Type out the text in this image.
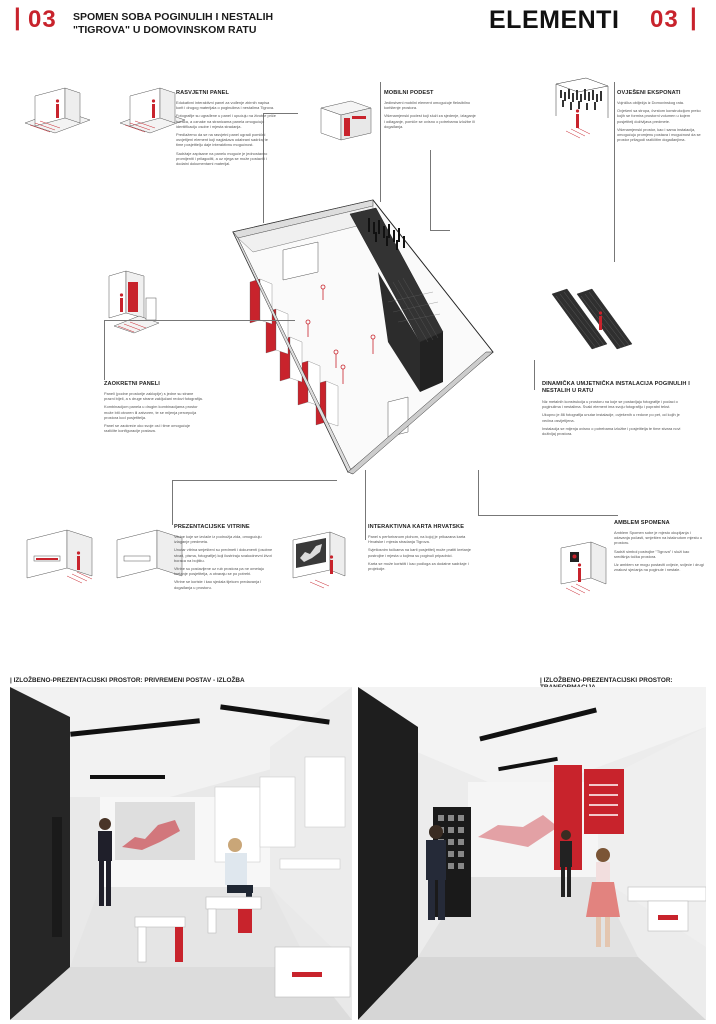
| 03 SPOMEN SOBA POGINULIH I NESTALIH
"TIGROVA" U DOMOVINSKOM RATU	ELEMENTI 03 |
RASVJETNI PANEL

Edukativni interaktivni panel za vođenje zbirnih napisa korit i drugog materijala o poginulima i nestalima Tigrova.

Fotografije su ugrađene u panel i upućuju na životne priče boraca, a oznake na stranicama panela omogućuju identifikaciju osobe i mjesta stradanja.

Predlažemo da se na rasvjetni panel ugradi pomični osvjetljeni element koji naglašava odabrani sadržaj te time posjetitelju daje interaktivnu mogućnost.

Sadržaje zapisane na panelu moguće je jednostavno promijeniti i prilagoditi, a uz njega se može postaviti i dodatni dokumentarni materijal.

MOBILNI PODEST

Jedinstveni mobilni element omogućuje fleksibilno korištenje prostora.

Višenamjenski podest koji služi za sjedenje, izlaganje i odlaganje, pomiče se ovisno o potrebama izložbe ili događanja.

OVJEŠENI EKSPONATI

Vojnička obilježja iz Domovinskog rata.

Ovješeni sa stropa, čvrstom konstrukcijom preko kojih se formira prostorni volumen u kojem posjetitelj doživljava predmete.

Višenamjenski prostor, kao i sama instalacija, omogućuju promjenu postava i mogućnost da se prostor prilagodi različitim događanjima.

ZAOKRETNI PANELI

Paneli (podne prostorije zakloplje) s jedne su strane prazni bijeli, a s druge strane zaključani redovi fotografija.

Kombinacijom panela u drugim kombinacijama prostor može biti otvoren ili zatvoren, te se mijenja percepcija prostora kod posjetitelja.

Panel se zaokreće oko svoje osi i time omogućuje različite konfiguracije postava.

DINAMIČKA UMJETNIČKA INSTALACIJA POGINULIH I NESTALIH U RATU

Niz metalnih konstrukcija u prostoru na koje se postavljaju fotografije i podaci o poginulima i nestalima. Svaki element ima svoju fotografiju i popratni tekst.

Ukupno je 86 fotografija unutar instalacije, ovješenih u redove po pet, od kojih je većina osvijetljena.

Instalacija se mijenja ovisno o potrebama izložbe i posjetitelja te time stvara novi doživljaj prostora.

PREZENTACIJSKE VITRINE

Vitrine koje se izvlače iz podnožja zida, omogućuju izlaganje predmeta.

Unutar vitrina smješteni su predmeti i dokumenti (osobne stvari, pisma, fotografije) koji ilustriraju svakodnevni život boraca na bojištu.

Vitrine su postavljene uz rub prostora pa ne ometaju kretanje posjetitelja, a otvaraju se po potrebi.

Vitrine se koriste i kao sjedala tijekom predavanja i događanja u prostoru.

INTERAKTIVNA KARTA HRVATSKE

Panel s perforiranom plohom, na kojoj je prikazana karta Hrvatske i mjesta stradanja Tigrova.

Svjetlosnim točkama na karti posjetitelj može pratiti kretanje postrojbe i mjesta u kojima su poginuli pripadnici.

Karta se može koristiti i kao podloga za dodatne sadržaje i projekcije.

AMBLEM SPOMENA

Amblem Spomen sobe je mjesto okupljanja i odavanja počasti, smješten na istaknutom mjestu u prostoru.

Sadrži simbol postrojbe "Tigrova" i služi kao središnja točka prostora.

Uz amblem se mogu postaviti cvijeće, svijeće i drugi znakovi sjećanja na poginule i nestale.

| IZLOŽBENO-PREZENTACIJSKI PROSTOR: PRIVREMENI POSTAV - IZLOŽBA	| IZLOŽBENO-PREZENTACIJSKI PROSTOR:
